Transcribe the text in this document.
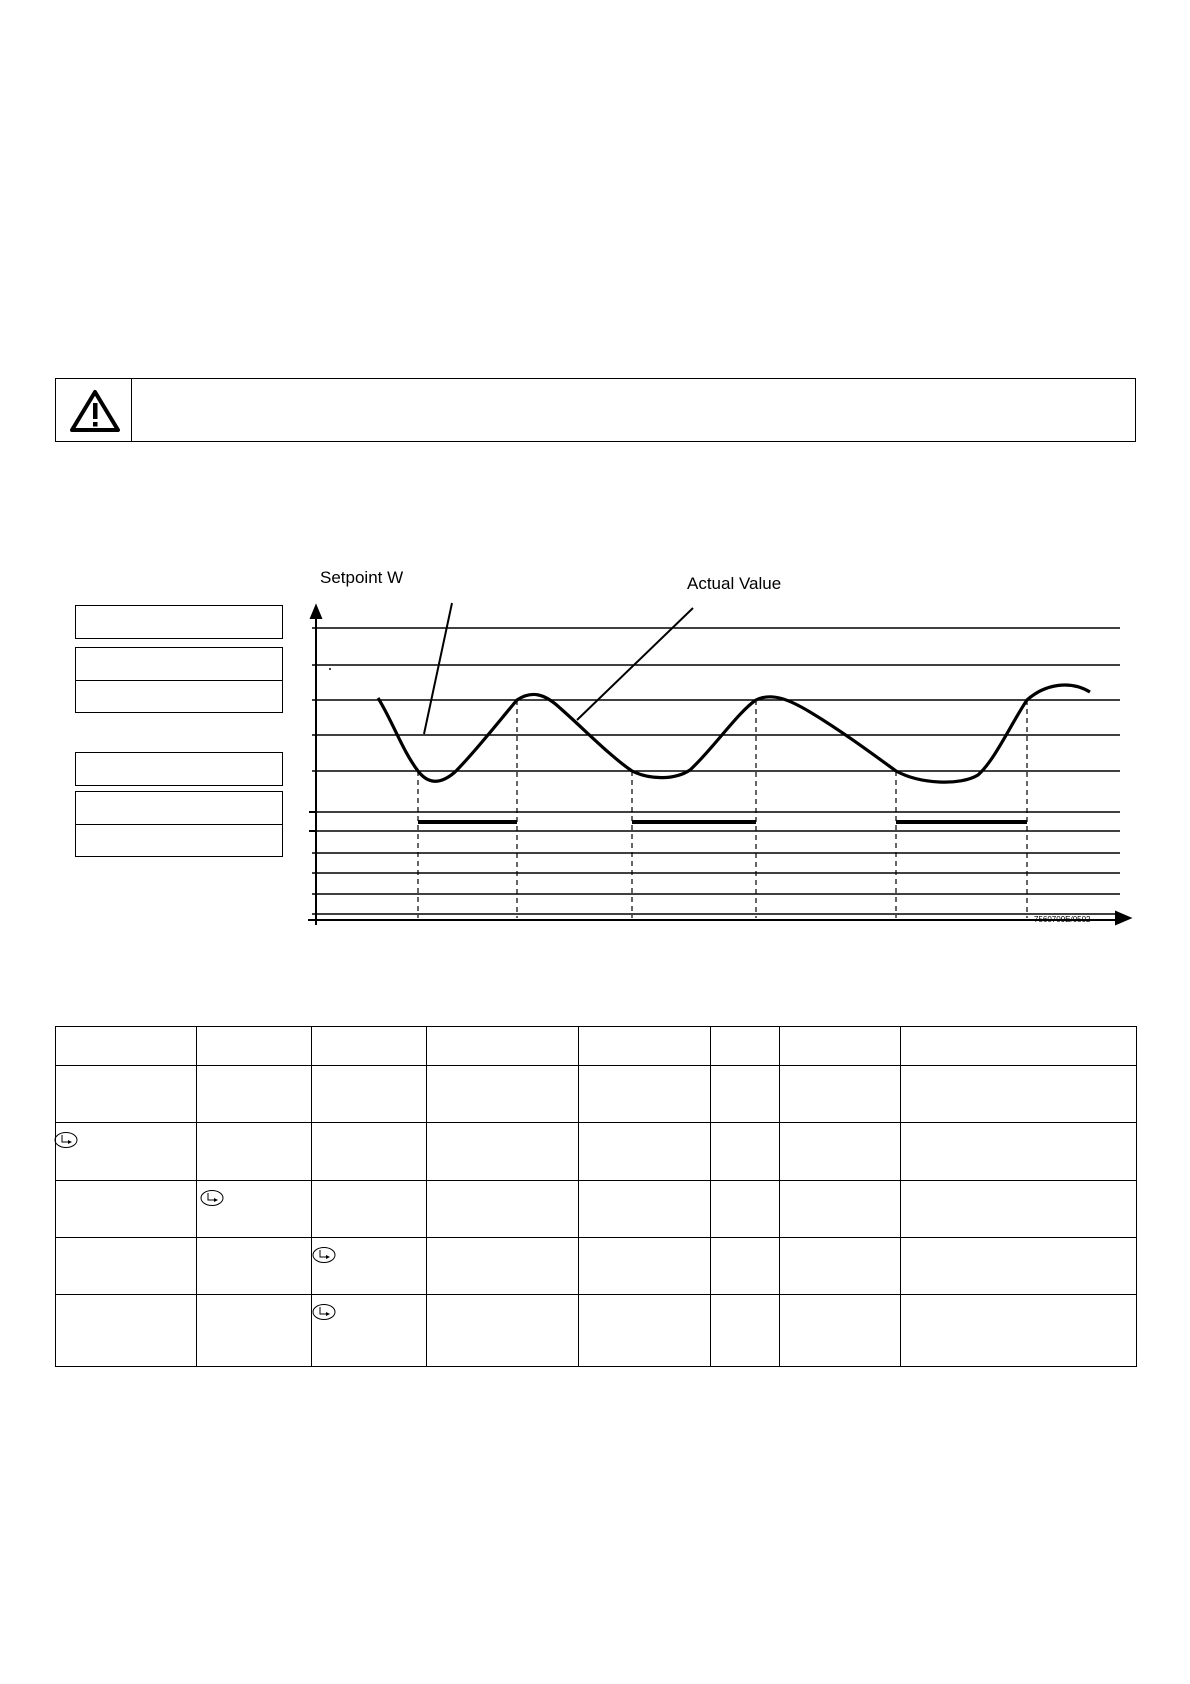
Setpoint W	Actual Value
7560709E/0502
